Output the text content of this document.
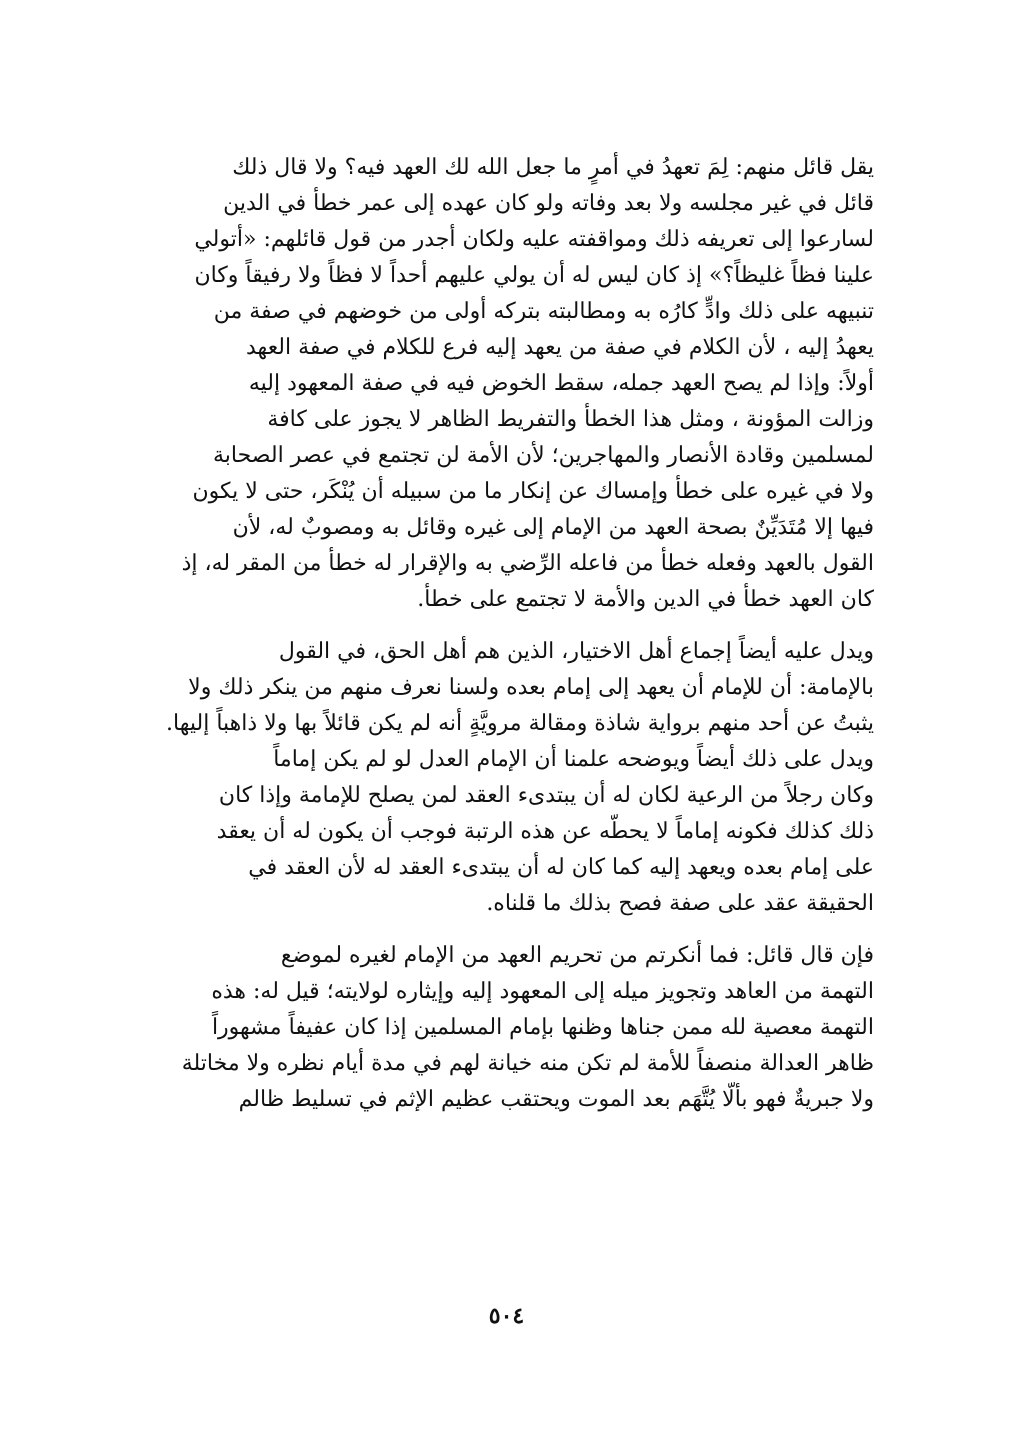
يقل قائل منهم: لِمَ تعهدُ في أمرٍ ما جعل الله لك العهد فيه؟ ولا قال ذلك
قائل في غير مجلسه ولا بعد وفاته ولو كان عهده إلى عمر خطأ في الدين
لسارعوا إلى تعريفه ذلك ومواقفته عليه ولكان أجدر من قول قائلهم: «أتولي
علينا فظاً غليظاً؟» إذ كان ليس له أن يولي عليهم أحداً لا فظاً ولا رفيقاً وكان
تنبيهه على ذلك وادٍّ كارُه به ومطالبته بتركه أولى من خوضهم في صفة من
يعهدُ إليه ، لأن الكلام في صفة من يعهد إليه فرع للكلام في صفة العهد
أولاً: وإذا لم يصح العهد جمله، سقط الخوض فيه في صفة المعهود إليه
وزالت المؤونة ، ومثل هذا الخطأ والتفريط الظاهر لا يجوز على كافة
لمسلمين وقادة الأنصار والمهاجرين؛ لأن الأمة لن تجتمع في عصر الصحابة
ولا في غيره على خطأ وإمساك عن إنكار ما من سبيله أن يُنْكَر، حتى لا يكون
فيها إلا مُتَدَيِّنٌ بصحة العهد من الإمام إلى غيره وقائل به ومصوبٌ له، لأن
القول بالعهد وفعله خطأ من فاعله الرِّضي به والإقرار له خطأ من المقر له، إذ
كان العهد خطأ في الدين والأمة لا تجتمع على خطأ.
ويدل عليه أيضاً إجماع أهل الاختيار، الذين هم أهل الحق، في القول
بالإمامة: أن للإمام أن يعهد إلى إمام بعده ولسنا نعرف منهم من ينكر ذلك ولا
يثبتُ عن أحد منهم برواية شاذة ومقالة مرويَّةٍ أنه لم يكن قائلاً بها ولا ذاهباً إليها.
ويدل على ذلك أيضاً ويوضحه علمنا أن الإمام العدل لو لم يكن إماماً
وكان رجلاً من الرعية لكان له أن يبتدىء العقد لمن يصلح للإمامة وإذا كان
ذلك كذلك فكونه إماماً لا يحطُّه عن هذه الرتبة فوجب أن يكون له أن يعقد
على إمام بعده ويعهد إليه كما كان له أن يبتدىء العقد له لأن العقد في
الحقيقة عقد على صفة فصح بذلك ما قلناه.
فإن قال قائل: فما أنكرتم من تحريم العهد من الإمام لغيره لموضع
التهمة من العاهد وتجويز ميله إلى المعهود إليه وإيثاره لولايته؛ قيل له: هذه
التهمة معصية لله ممن جناها وظنها بإمام المسلمين إذا كان عفيفاً مشهوراً
ظاهر العدالة منصفاً للأمة لم تكن منه خيانة لهم في مدة أيام نظره ولا مخاتلة
ولا جبريةٌ فهو بألَّا يُتَّهَم بعد الموت ويحتقب عظيم الإثم في تسليط ظالم
٥٠٤
